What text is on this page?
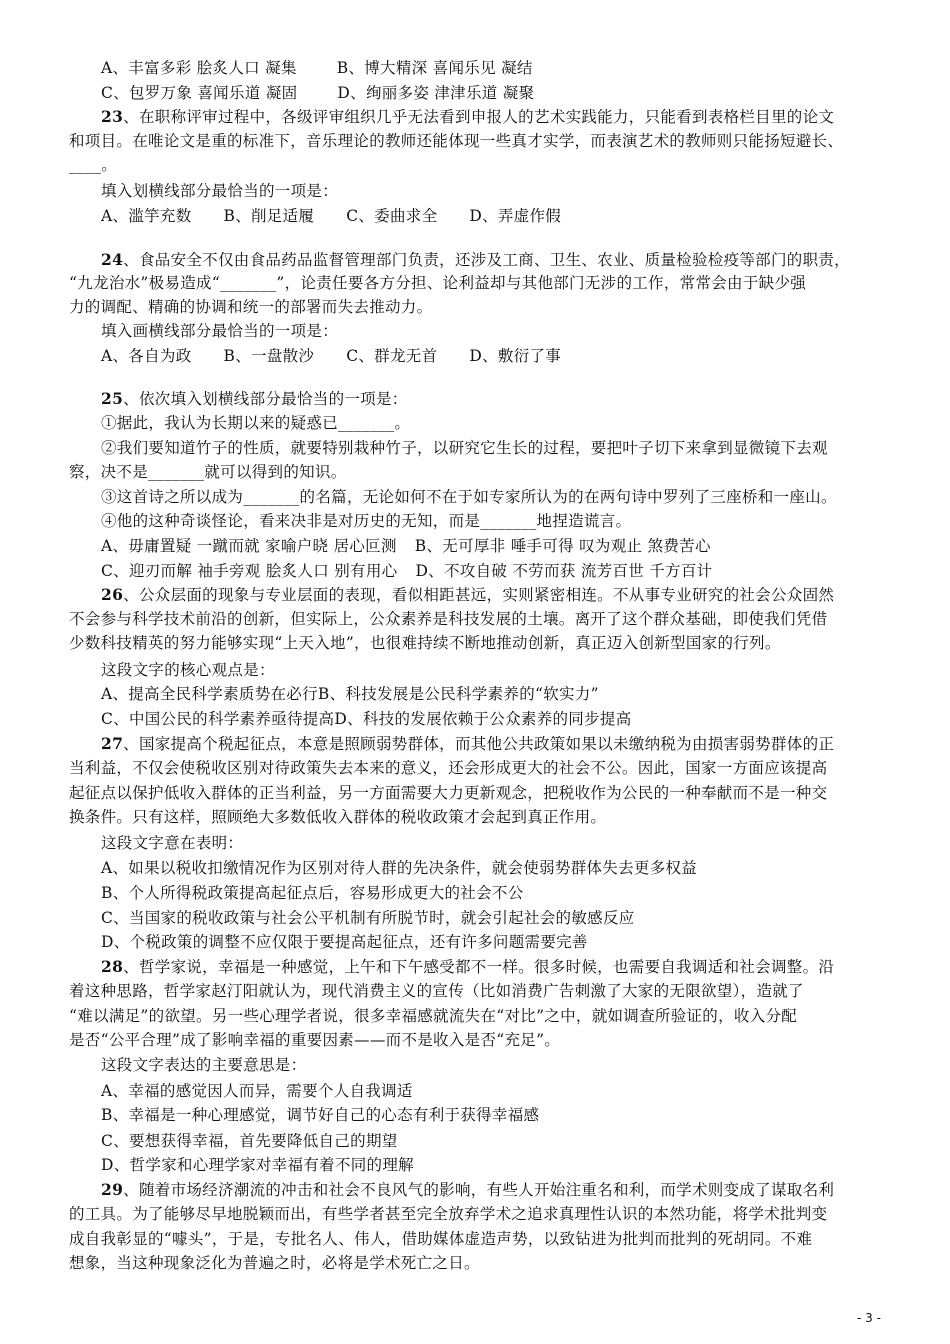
A、丰富多彩 脍炙人口 凝集	B、博大精深 喜闻乐见 凝结
C、包罗万象 喜闻乐道 凝固	D、绚丽多姿 津津乐道 凝聚
23、在职称评审过程中，各级评审组织几乎无法看到申报人的艺术实践能力，只能看到表格栏目里的论文
和项目。在唯论文是重的标准下，音乐理论的教师还能体现一些真才实学，而表演艺术的教师则只能扬短避长、
____。
填入划横线部分最恰当的一项是：
A、滥竽充数 B、削足适履 C、委曲求全 D、弄虚作假
24、食品安全不仅由食品药品监督管理部门负责，还涉及工商、卫生、农业、质量检验检疫等部门的职责，
“九龙治水”极易造成“_______”，论责任要各方分担、论利益却与其他部门无涉的工作，常常会由于缺少强
力的调配、精确的协调和统一的部署而失去推动力。
填入画横线部分最恰当的一项是：
A、各自为政 B、一盘散沙 C、群龙无首 D、敷衍了事
25、依次填入划横线部分最恰当的一项是：
①据此，我认为长期以来的疑惑已_______。
②我们要知道竹子的性质，就要特别栽种竹子，以研究它生长的过程，要把叶子切下来拿到显微镜下去观
察，决不是_______就可以得到的知识。
③这首诗之所以成为_______的名篇，无论如何不在于如专家所认为的在两句诗中罗列了三座桥和一座山。
④他的这种奇谈怪论，看来决非是对历史的无知，而是_______地捏造谎言。
A、毋庸置疑 一蹴而就 家喻户晓 居心叵测 B、无可厚非 唾手可得 叹为观止 煞费苦心
C、迎刃而解 袖手旁观 脍炙人口 别有用心 D、不攻自破 不劳而获 流芳百世 千方百计
26、公众层面的现象与专业层面的表现，看似相距甚远，实则紧密相连。不从事专业研究的社会公众固然
不会参与科学技术前沿的创新，但实际上，公众素养是科技发展的土壤。离开了这个群众基础，即使我们凭借
少数科技精英的努力能够实现“上天入地”，也很难持续不断地推动创新，真正迈入创新型国家的行列。
这段文字的核心观点是：
A、提高全民科学素质势在必行B、科技发展是公民科学素养的“软实力”
C、中国公民的科学素养亟待提高D、科技的发展依赖于公众素养的同步提高
27、国家提高个税起征点，本意是照顾弱势群体，而其他公共政策如果以未缴纳税为由损害弱势群体的正
当利益，不仅会使税收区别对待政策失去本来的意义，还会形成更大的社会不公。因此，国家一方面应该提高
起征点以保护低收入群体的正当利益，另一方面需要大力更新观念，把税收作为公民的一种奉献而不是一种交
换条件。只有这样，照顾绝大多数低收入群体的税收政策才会起到真正作用。
这段文字意在表明：
A、如果以税收扣缴情况作为区别对待人群的先决条件，就会使弱势群体失去更多权益
B、个人所得税政策提高起征点后，容易形成更大的社会不公
C、当国家的税收政策与社会公平机制有所脱节时，就会引起社会的敏感反应
D、个税政策的调整不应仅限于要提高起征点，还有许多问题需要完善
28、哲学家说，幸福是一种感觉，上午和下午感受都不一样。很多时候，也需要自我调适和社会调整。沿
着这种思路，哲学家赵汀阳就认为，现代消费主义的宣传（比如消费广告刺激了大家的无限欲望），造就了
“难以满足”的欲望。另一些心理学者说，很多幸福感就流失在“对比”之中，就如调查所验证的，收入分配
是否“公平合理”成了影响幸福的重要因素——而不是收入是否“充足”。
这段文字表达的主要意思是：
A、幸福的感觉因人而异，需要个人自我调适
B、幸福是一种心理感觉，调节好自己的心态有利于获得幸福感
C、要想获得幸福，首先要降低自己的期望
D、哲学家和心理学家对幸福有着不同的理解
29、随着市场经济潮流的冲击和社会不良风气的影响，有些人开始注重名和利，而学术则变成了谋取名利
的工具。为了能够尽早地脱颖而出，有些学者甚至完全放弃学术之追求真理性认识的本然功能，将学术批判变
成自我彰显的“噱头”，于是，专批名人、伟人，借助媒体虚造声势，以致钻进为批判而批判的死胡同。不难
想象，当这种现象泛化为普遍之时，必将是学术死亡之日。
- 3 -
